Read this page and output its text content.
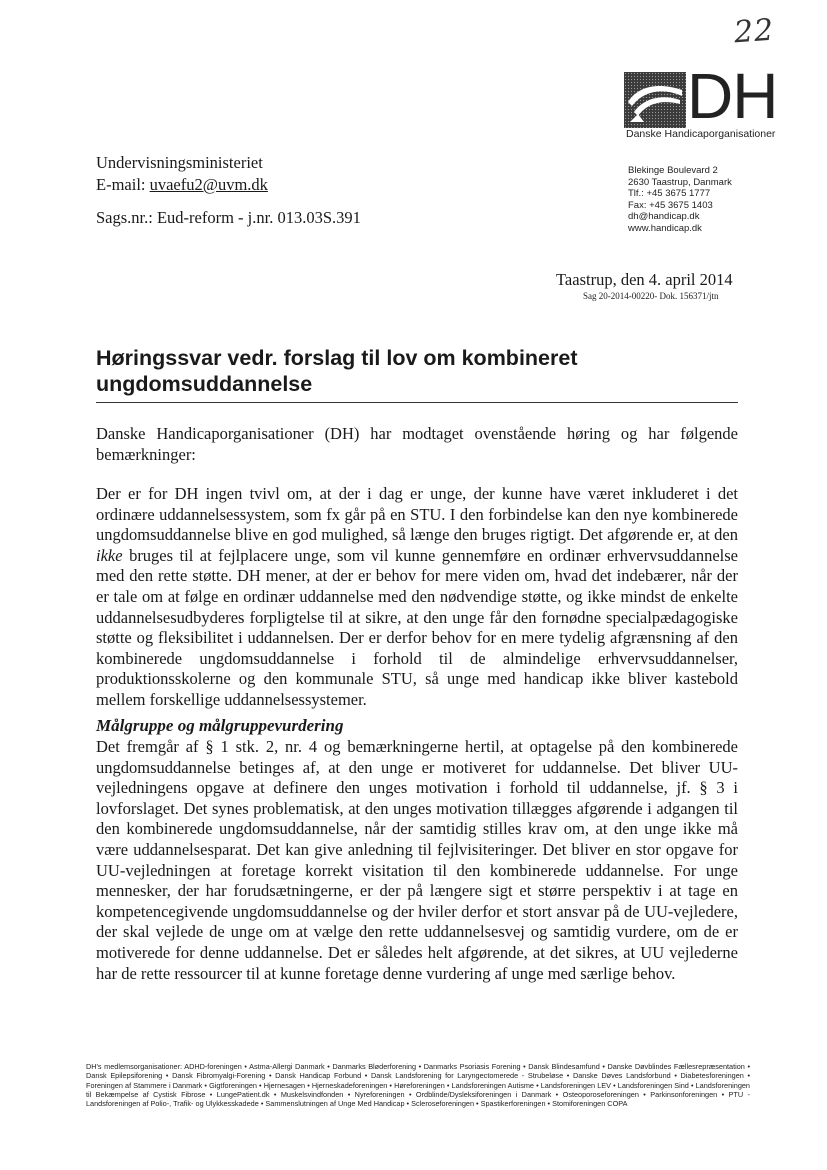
22
DH
Danske Handicaporganisationer
Undervisningsministeriet
E-mail: uvaefu2@uvm.dk
Sags.nr.: Eud-reform - j.nr. 013.03S.391
Blekinge Boulevard 2
2630 Taastrup, Danmark
Tlf.: +45 3675 1777
Fax: +45 3675 1403
dh@handicap.dk
www.handicap.dk
Taastrup, den 4. april 2014
Sag 20-2014-00220- Dok. 156371/jtn
Høringssvar vedr. forslag til lov om kombineret ungdomsuddannelse
Danske Handicaporganisationer (DH) har modtaget ovenstående høring og har følgende bemærkninger:
Der er for DH ingen tvivl om, at der i dag er unge, der kunne have været inkluderet i det ordinære uddannelsessystem, som fx går på en STU. I den forbindelse kan den nye kombinerede ungdomsuddannelse blive en god mulighed, så længe den bruges rigtigt. Det afgørende er, at den ikke bruges til at fejlplacere unge, som vil kunne gennemføre en ordinær erhvervsuddannelse med den rette støtte. DH mener, at der er behov for mere viden om, hvad det indebærer, når der er tale om at følge en ordinær uddannelse med den nødvendige støtte, og ikke mindst de enkelte uddannelsesudbyderes forpligtelse til at sikre, at den unge får den fornødne specialpædagogiske støtte og fleksibilitet i uddannelsen. Der er derfor behov for en mere tydelig afgrænsning af den kombinerede ungdomsuddannelse i forhold til de almindelige erhvervsuddannelser, produktionsskolerne og den kommunale STU, så unge med handicap ikke bliver kastebold mellem forskellige uddannelsessystemer.
Målgruppe og målgruppevurdering
Det fremgår af § 1 stk. 2, nr. 4 og bemærkningerne hertil, at optagelse på den kombinerede ungdomsuddannelse betinges af, at den unge er motiveret for uddannelse. Det bliver UU-vejledningens opgave at definere den unges motivation i forhold til uddannelse, jf. § 3 i lovforslaget. Det synes problematisk, at den unges motivation tillægges afgørende i adgangen til den kombinerede ungdomsuddannelse, når der samtidig stilles krav om, at den unge ikke må være uddannelsesparat. Det kan give anledning til fejlvisiteringer. Det bliver en stor opgave for UU-vejledningen at foretage korrekt visitation til den kombinerede uddannelse. For unge mennesker, der har forudsætningerne, er der på længere sigt et større perspektiv i at tage en kompetencegivende ungdomsuddannelse og der hviler derfor et stort ansvar på de UU-vejledere, der skal vejlede de unge om at vælge den rette uddannelsesvej og samtidig vurdere, om de er motiverede for denne uddannelse. Det er således helt afgørende, at det sikres, at UU vejlederne har de rette ressourcer til at kunne foretage denne vurdering af unge med særlige behov.
DH's medlemsorganisationer: ADHD-foreningen • Astma-Allergi Danmark • Danmarks Bløderforening • Danmarks Psoriasis Forening • Dansk Blindesamfund • Danske Døvblindes Fællesrepræsentation • Dansk Epilepsiforening • Dansk Fibromyalgi-Forening • Dansk Handicap Forbund • Dansk Landsforening for Laryngectomerede - Strubeløse • Danske Døves Landsforbund • Diabetesforeningen • Foreningen af Stammere i Danmark • Gigtforeningen • Hjernesagen • Hjerneskadeforeningen • Høreforeningen • Landsforeningen Autisme • Landsforeningen LEV • Landsforeningen Sind • Landsforeningen til Bekæmpelse af Cystisk Fibrose • LungePatient.dk • Muskelsvindfonden • Nyreforeningen • Ordblinde/Dysleksiforeningen i Danmark • Osteoporoseforeningen • Parkinsonforeningen • PTU - Landsforeningen af Polio-, Trafik- og Ulykkesskadede • Sammenslutningen af Unge Med Handicap • Scleroseforeningen • Spastikerforeningen • Stomiforeningen COPA
